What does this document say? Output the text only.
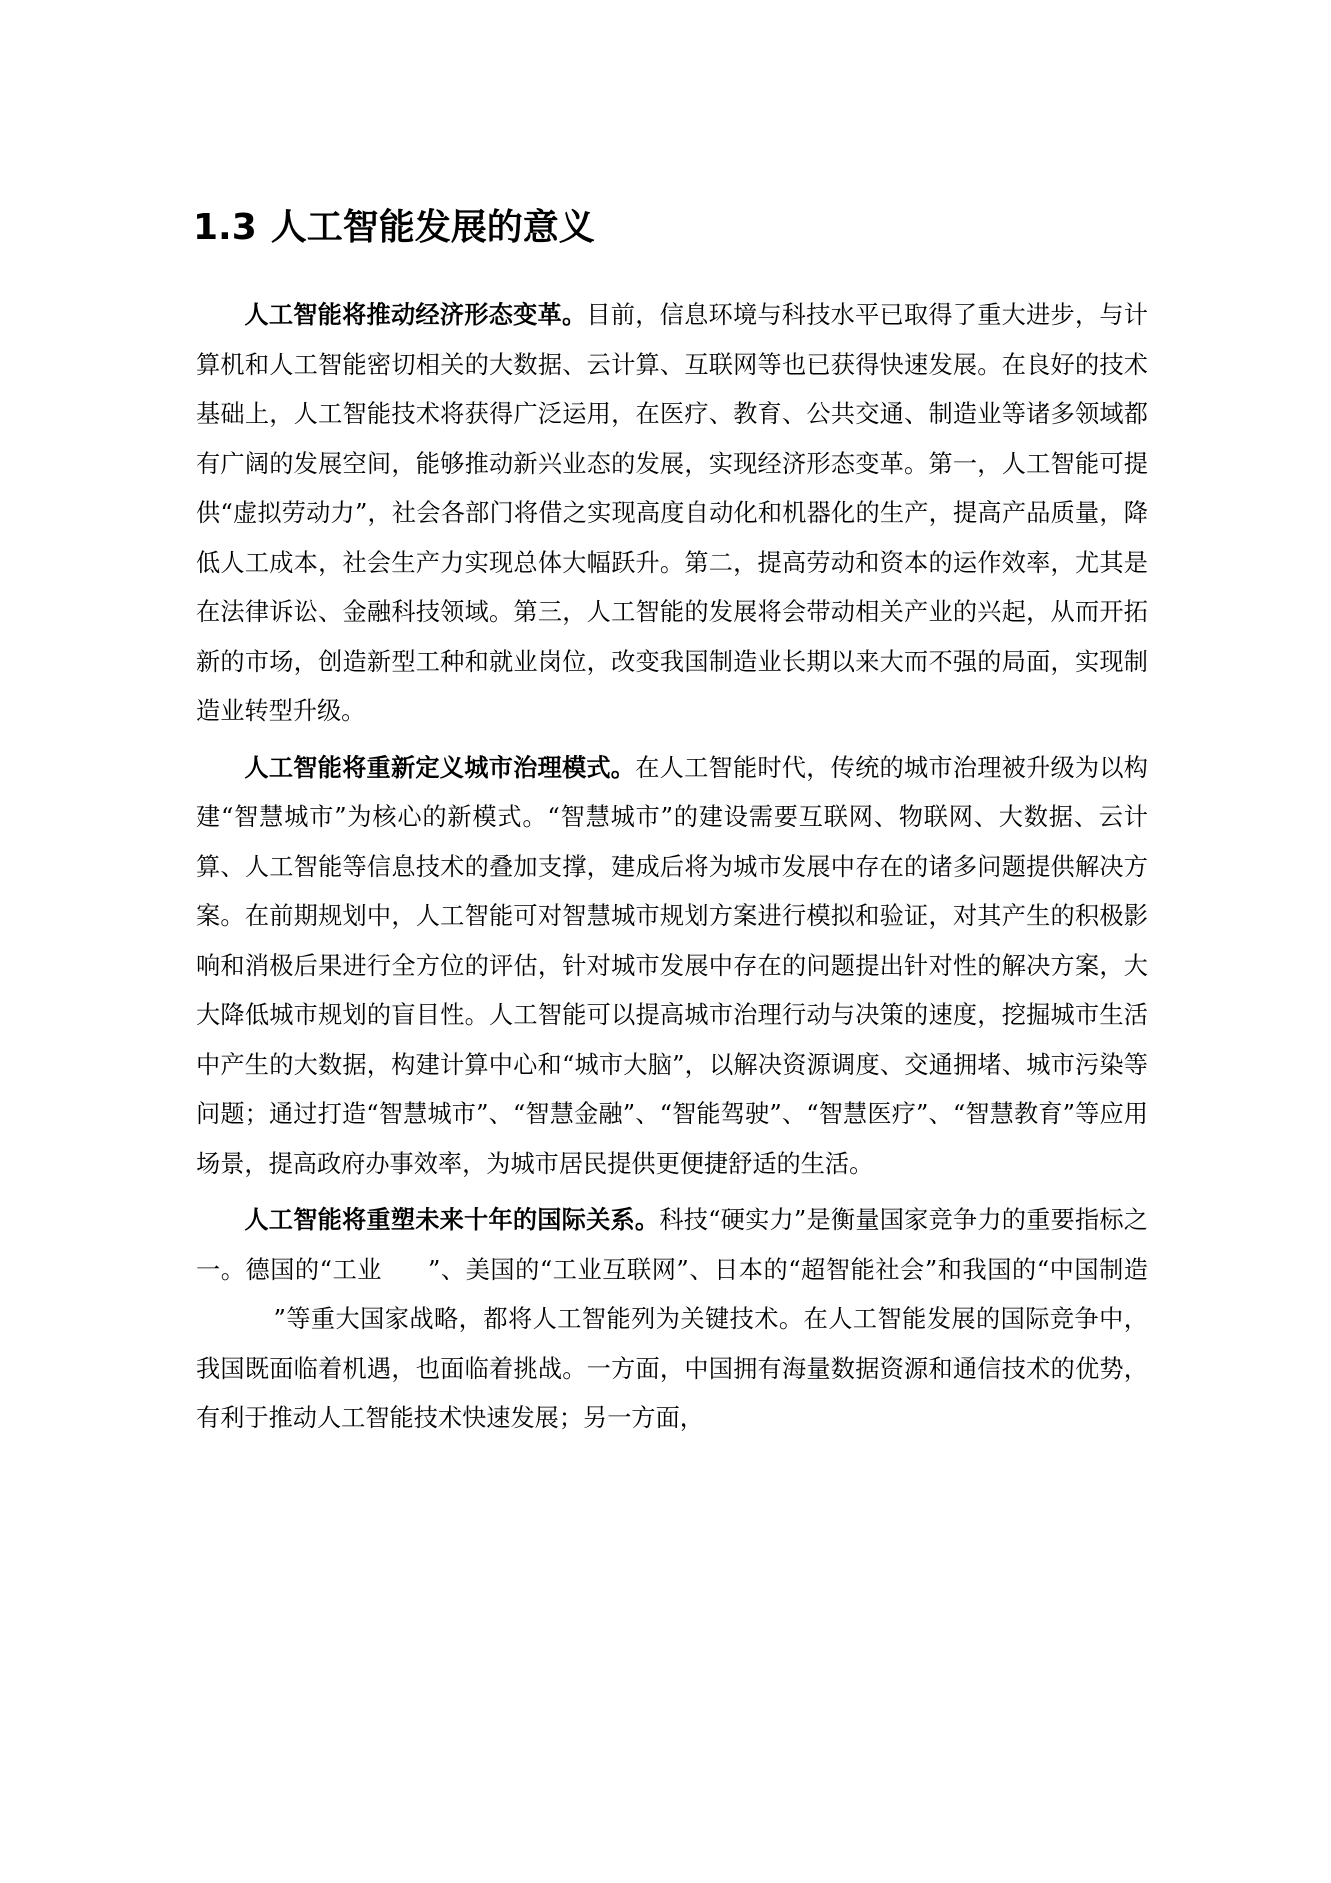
1.3 人工智能发展的意义

人工智能将推动经济形态变革。目前，信息环境与科技水平已取得了重大进步，与计算机和人工智能密切相关的大数据、云计算、互联网等也已获得快速发展。在良好的技术基础上，人工智能技术将获得广泛运用，在医疗、教育、公共交通、制造业等诸多领域都有广阔的发展空间，能够推动新兴业态的发展，实现经济形态变革。第一，人工智能可提供“虚拟劳动力”，社会各部门将借之实现高度自动化和机器化的生产，提高产品质量，降低人工成本，社会生产力实现总体大幅跃升。第二，提高劳动和资本的运作效率，尤其是在法律诉讼、金融科技领域。第三，人工智能的发展将会带动相关产业的兴起，从而开拓新的市场，创造新型工种和就业岗位，改变我国制造业长期以来大而不强的局面，实现制造业转型升级。

人工智能将重新定义城市治理模式。在人工智能时代，传统的城市治理被升级为以构建“智慧城市”为核心的新模式。“智慧城市”的建设需要互联网、物联网、大数据、云计算、人工智能等信息技术的叠加支撑，建成后将为城市发展中存在的诸多问题提供解决方案。在前期规划中，人工智能可对智慧城市规划方案进行模拟和验证，对其产生的积极影响和消极后果进行全方位的评估，针对城市发展中存在的问题提出针对性的解决方案，大大降低城市规划的盲目性。人工智能可以提高城市治理行动与决策的速度，挖掘城市生活中产生的大数据，构建计算中心和“城市大脑”，以解决资源调度、交通拥堵、城市污染等问题；通过打造“智慧城市”、“智慧金融”、“智能驾驶”、“智慧医疗”、“智慧教育”等应用场景，提高政府办事效率，为城市居民提供更便捷舒适的生活。

人工智能将重塑未来十年的国际关系。科技“硬实力”是衡量国家竞争力的重要指标之一。德国的“工业 ”、美国的“工业互联网”、日本的“超智能社会”和我国的“中国制造”等重大国家战略，都将人工智能列为关键技术。在人工智能发展的国际竞争中，我国既面临着机遇，也面临着挑战。一方面，中国拥有海量数据资源和通信技术的优势，有利于推动人工智能技术快速发展；另一方面，
